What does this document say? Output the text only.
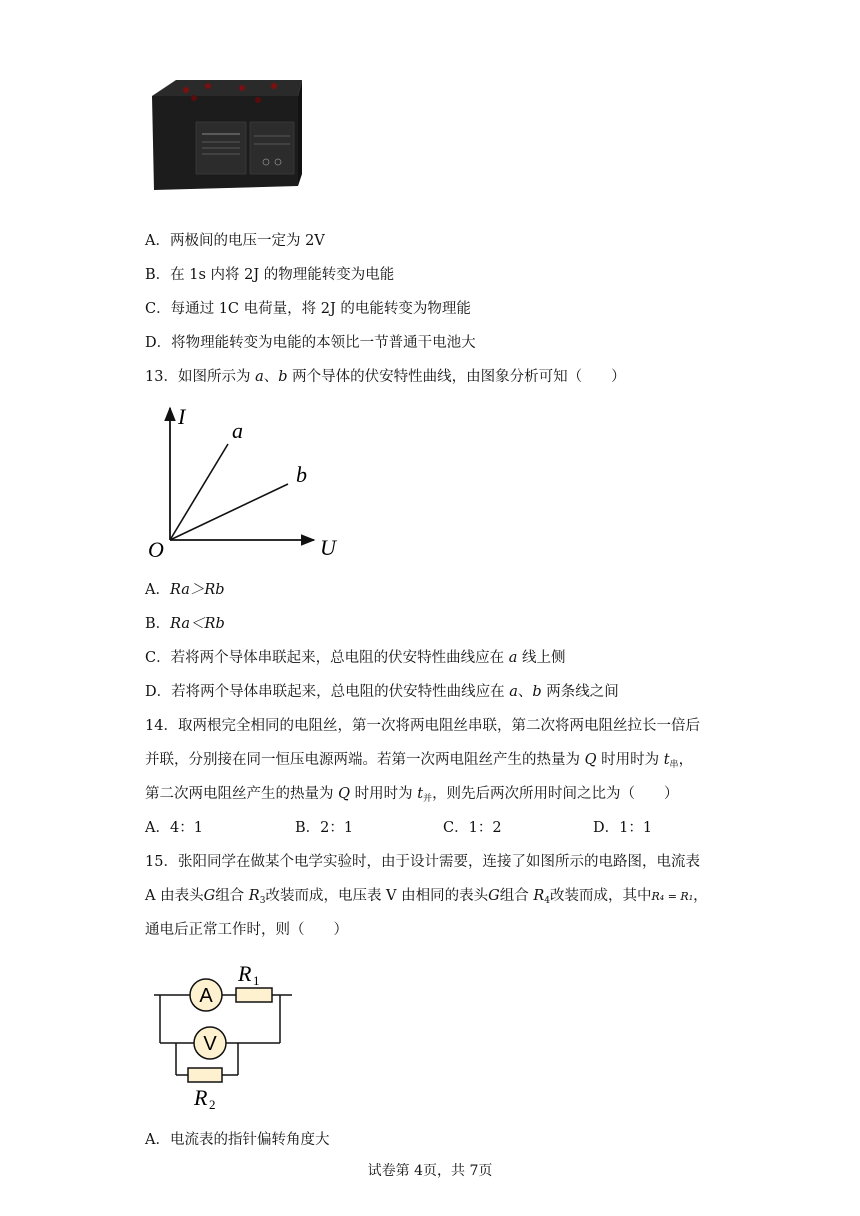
A．两极间的电压一定为 2V
B．在 1s 内将 2J 的物理能转变为电能
C．每通过 1C 电荷量，将 2J 的电能转变为物理能
D．将物理能转变为电能的本领比一节普通干电池大
13．如图所示为 a、b 两个导体的伏安特性曲线，由图象分析可知（　　）
I
a
b
O	U
A．Ra＞Rb
B．Ra＜Rb
C．若将两个导体串联起来，总电阻的伏安特性曲线应在 a 线上侧
D．若将两个导体串联起来，总电阻的伏安特性曲线应在 a、b 两条线之间
14．取两根完全相同的电阻丝，第一次将两电阻丝串联，第二次将两电阻丝拉长一倍后
并联，分别接在同一恒压电源两端。若第一次两电阻丝产生的热量为 Q 时用时为 $t_串$，
第二次两电阻丝产生的热量为 Q 时用时为 $t_并$，则先后两次所用时间之比为（　　）
A．4：1	B．2：1	C．1：2	D．1：1
15．张阳同学在做某个电学实验时，由于设计需要，连接了如图所示的电路图，电流表
A 由表头G组合 $R_3$改装而成，电压表 V 由相同的表头G组合 $R_4$改装而成，其中R₄ = R₁，
通电后正常工作时，则（　　）
A
V
R 1
R 2
A．电流表的指针偏转角度大
试卷第 4页，共 7页
